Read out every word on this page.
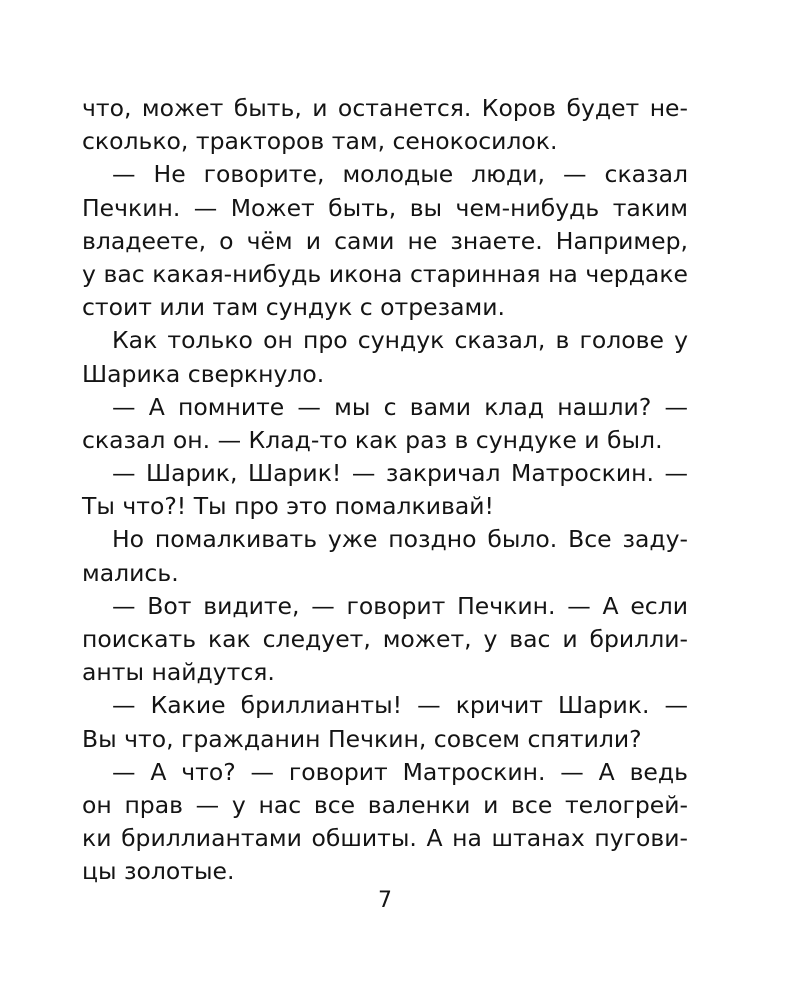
что, может быть, и останется. Коров будет не-
сколько, тракторов там, сенокосилок.
— Не говорите, молодые люди, — сказал
Печкин. — Может быть, вы чем-нибудь таким
владеете, о чём и сами не знаете. Например,
у вас какая-нибудь икона старинная на чердаке
стоит или там сундук с отрезами.
Как только он про сундук сказал, в голове у
Шарика сверкнуло.
— А помните — мы с вами клад нашли? —
сказал он. — Клад-то как раз в сундуке и был.
— Шарик, Шарик! — закричал Матроскин. —
Ты что?! Ты про это помалкивай!
Но помалкивать уже поздно было. Все заду-
мались.
— Вот видите, — говорит Печкин. — А если
поискать как следует, может, у вас и брилли-
анты найдутся.
— Какие бриллианты! — кричит Шарик. —
Вы что, гражданин Печкин, совсем спятили?
— А что? — говорит Матроскин. — А ведь
он прав — у нас все валенки и все телогрей-
ки бриллиантами обшиты. А на штанах пугови-
цы золотые.
7
